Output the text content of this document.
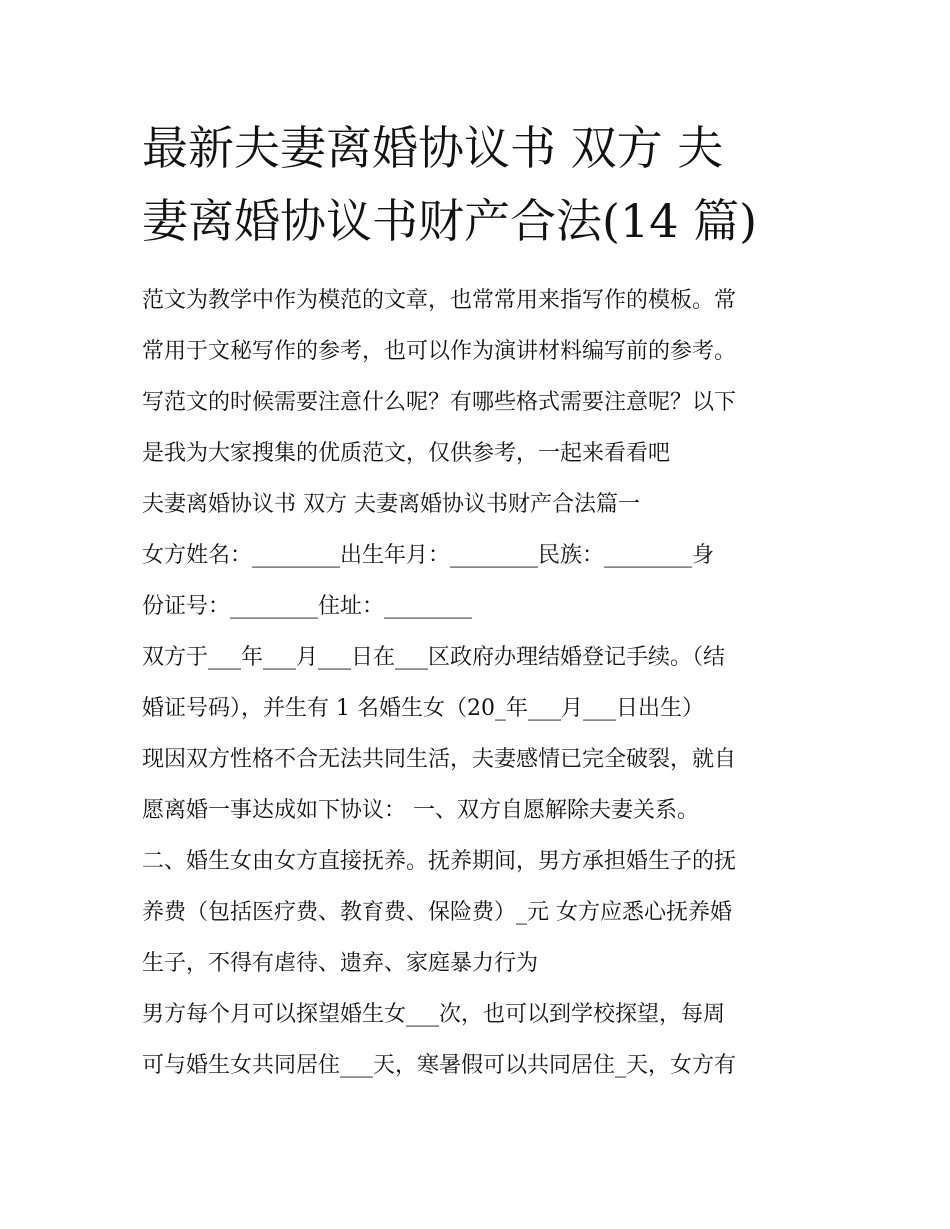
最新夫妻离婚协议书 双方 夫
妻离婚协议书财产合法(14 篇)
范文为教学中作为模范的文章，也常常用来指写作的模板。常
常用于文秘写作的参考，也可以作为演讲材料编写前的参考。
写范文的时候需要注意什么呢？有哪些格式需要注意呢？以下
是我为大家搜集的优质范文，仅供参考，一起来看看吧
夫妻离婚协议书 双方 夫妻离婚协议书财产合法篇一
女方姓名：________出生年月：________民族：________身
份证号：________住址：________
双方于___年___月___日在___区政府办理结婚登记手续。（结
婚证号码），并生有 1 名婚生女（20_年___月___日出生）
现因双方性格不合无法共同生活，夫妻感情已完全破裂，就自
愿离婚一事达成如下协议： 一、双方自愿解除夫妻关系。
二、婚生女由女方直接抚养。抚养期间，男方承担婚生子的抚
养费（包括医疗费、教育费、保险费）_元 女方应悉心抚养婚
生子，不得有虐待、遗弃、家庭暴力行为
男方每个月可以探望婚生女___次，也可以到学校探望，每周
可与婚生女共同居住___天，寒暑假可以共同居住_天，女方有
